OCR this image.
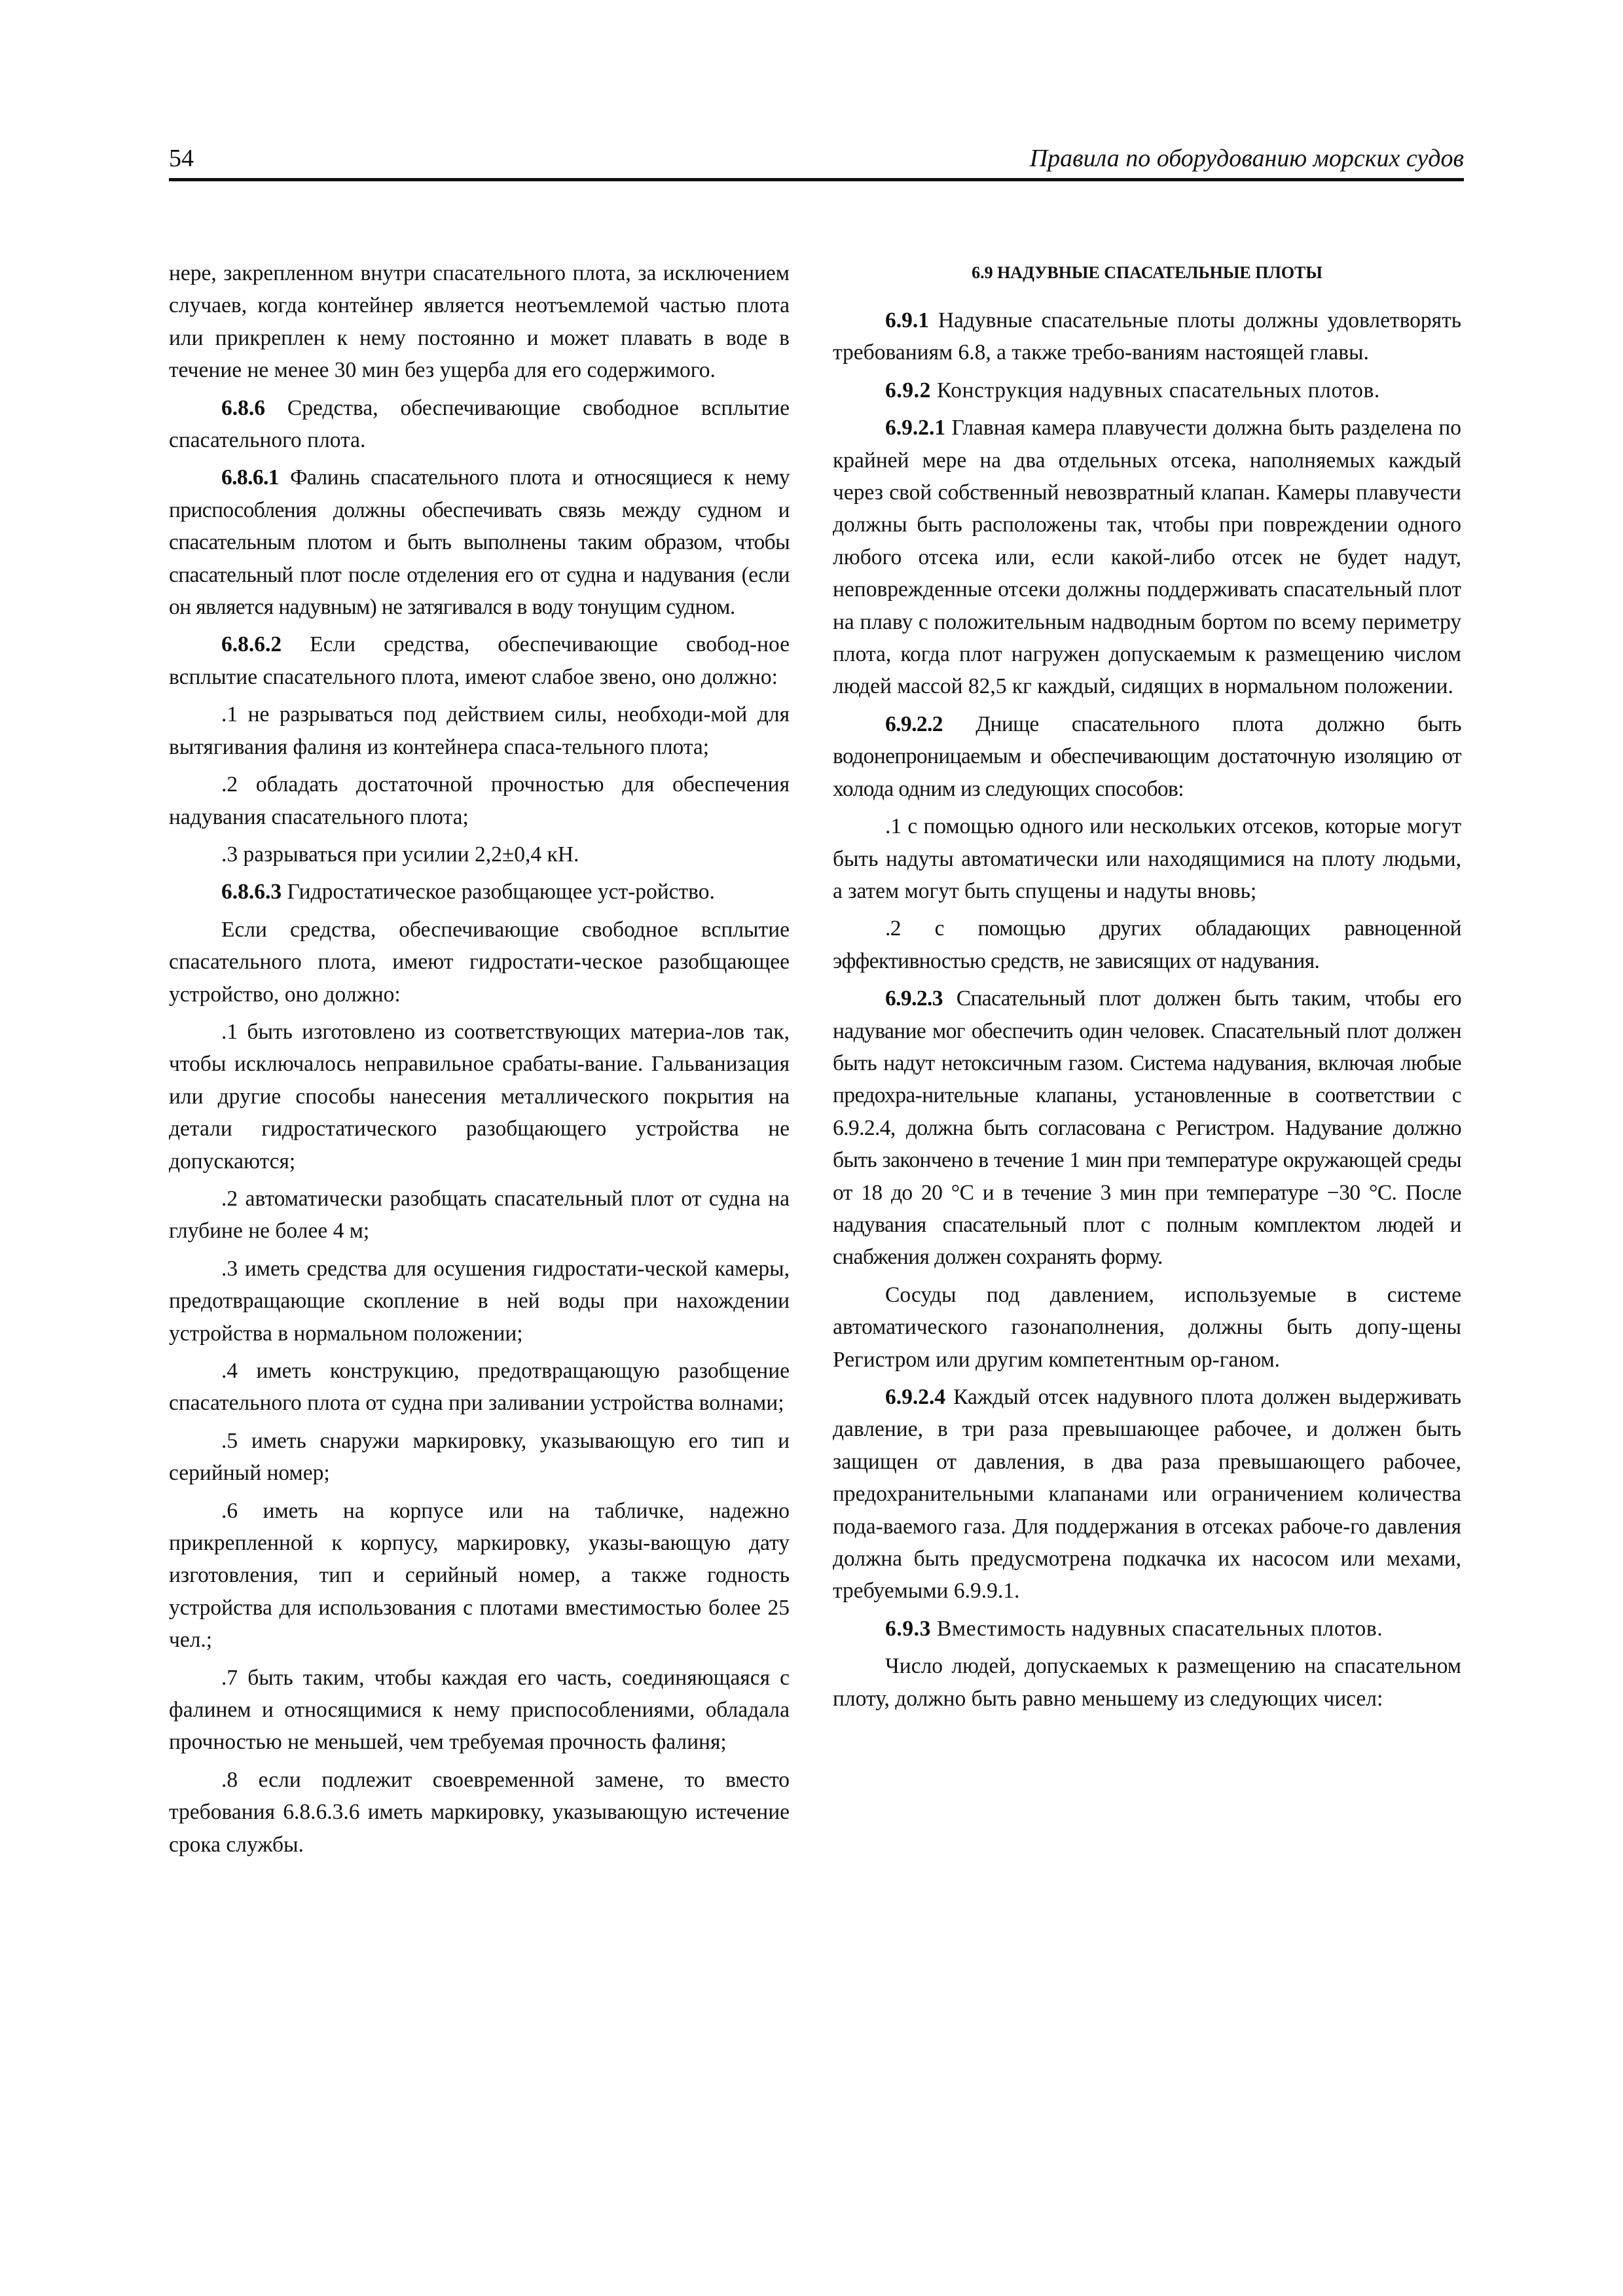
54	Правила по оборудованию морских судов

нере, закрепленном внутри спасательного плота, за исключением случаев, когда контейнер является неотъемлемой частью плота или прикреплен к нему постоянно и может плавать в воде в течение не менее 30 мин без ущерба для его содержимого.

6.8.6 Средства, обеспечивающие свободное всплытие спасательного плота.

6.8.6.1 Фалинь спасательного плота и относящиеся к нему приспособления должны обеспечивать связь между судном и спасательным плотом и быть выполнены таким образом, чтобы спасательный плот после отделения его от судна и надувания (если он является надувным) не затягивался в воду тонущим судном.

6.8.6.2 Если средства, обеспечивающие свобод-ное всплытие спасательного плота, имеют слабое звено, оно должно:

.1 не разрываться под действием силы, необходи-мой для вытягивания фалиня из контейнера спаса-тельного плота;

.2 обладать достаточной прочностью для обеспечения надувания спасательного плота;

.3 разрываться при усилии 2,2±0,4 кН.

6.8.6.3 Гидростатическое разобщающее уст-ройство.

Если средства, обеспечивающие свободное всплытие спасательного плота, имеют гидростати-ческое разобщающее устройство, оно должно:

.1 быть изготовлено из соответствующих материа-лов так, чтобы исключалось неправильное срабаты-вание. Гальванизация или другие способы нанесения металлического покрытия на детали гидростатического разобщающего устройства не допускаются;

.2 автоматически разобщать спасательный плот от судна на глубине не более 4 м;

.3 иметь средства для осушения гидростати-ческой камеры, предотвращающие скопление в ней воды при нахождении устройства в нормальном положении;

.4 иметь конструкцию, предотвращающую разобщение спасательного плота от судна при заливании устройства волнами;

.5 иметь снаружи маркировку, указывающую его тип и серийный номер;

.6 иметь на корпусе или на табличке, надежно прикрепленной к корпусу, маркировку, указы-вающую дату изготовления, тип и серийный номер, а также годность устройства для использования с плотами вместимостью более 25 чел.;

.7 быть таким, чтобы каждая его часть, соединяющаяся с фалинем и относящимися к нему приспособлениями, обладала прочностью не меньшей, чем требуемая прочность фалиня;

.8 если подлежит своевременной замене, то вместо требования 6.8.6.3.6 иметь маркировку, указывающую истечение срока службы.

6.9 НАДУВНЫЕ СПАСАТЕЛЬНЫЕ ПЛОТЫ

6.9.1 Надувные спасательные плоты должны удовлетворять требованиям 6.8, а также требо-ваниям настоящей главы.

6.9.2 Конструкция надувных спасательных плотов.

6.9.2.1 Главная камера плавучести должна быть разделена по крайней мере на два отдельных отсека, наполняемых каждый через свой собственный невозвратный клапан. Камеры плавучести должны быть расположены так, чтобы при повреждении одного любого отсека или, если какой-либо отсек не будет надут, неповрежденные отсеки должны поддерживать спасательный плот на плаву с положительным надводным бортом по всему периметру плота, когда плот нагружен допускаемым к размещению числом людей массой 82,5 кг каждый, сидящих в нормальном положении.

6.9.2.2 Днище спасательного плота должно быть водонепроницаемым и обеспечивающим достаточную изоляцию от холода одним из следующих способов:

.1 с помощью одного или нескольких отсеков, которые могут быть надуты автоматически или находящимися на плоту людьми, а затем могут быть спущены и надуты вновь;

.2 с помощью других обладающих равноценной эффективностью средств, не зависящих от надувания.

6.9.2.3 Спасательный плот должен быть таким, чтобы его надувание мог обеспечить один человек. Спасательный плот должен быть надут нетоксичным газом. Система надувания, включая любые предохра-нительные клапаны, установленные в соответствии с 6.9.2.4, должна быть согласована с Регистром. Надувание должно быть закончено в течение 1 мин при температуре окружающей среды от 18 до 20 °С и в течение 3 мин при температуре −30 °С. После надувания спасательный плот с полным комплектом людей и снабжения должен сохранять форму.

Сосуды под давлением, используемые в системе автоматического газонаполнения, должны быть допу-щены Регистром или другим компетентным ор-ганом.

6.9.2.4 Каждый отсек надувного плота должен выдерживать давление, в три раза превышающее рабочее, и должен быть защищен от давления, в два раза превышающего рабочее, предохранительными клапанами или ограничением количества пода-ваемого газа. Для поддержания в отсеках рабоче-го давления должна быть предусмотрена подкачка их насосом или мехами, требуемыми 6.9.9.1.

6.9.3 Вместимость надувных спасательных плотов.

Число людей, допускаемых к размещению на спасательном плоту, должно быть равно меньшему из следующих чисел:
